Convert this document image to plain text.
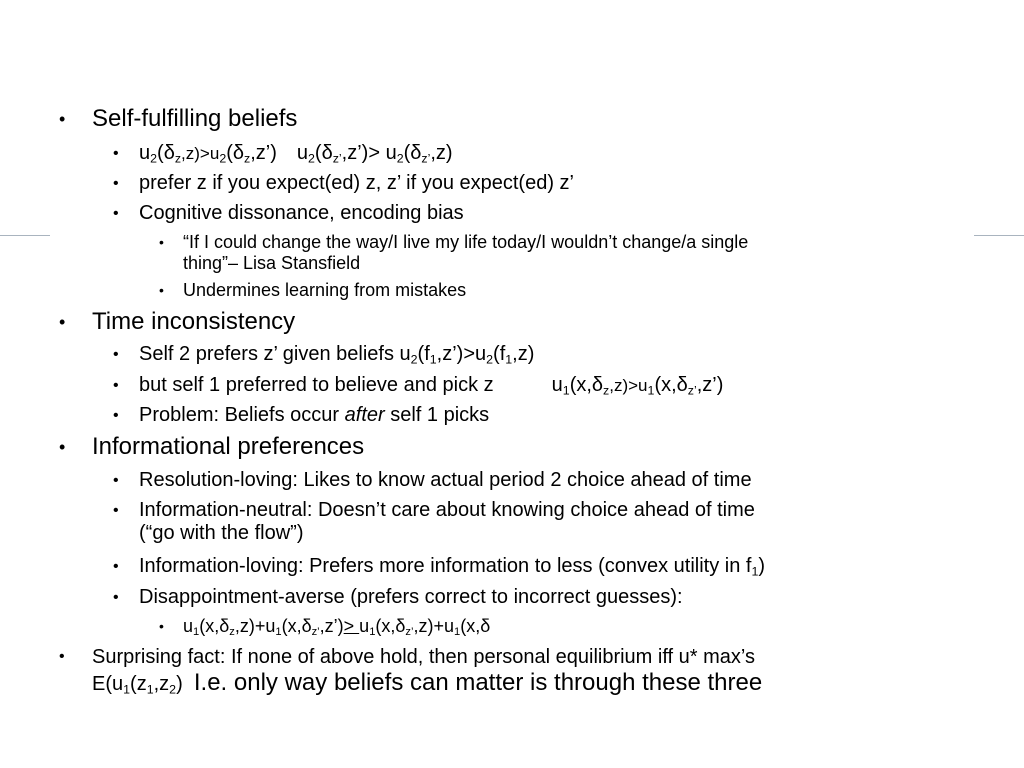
• Self-fulfilling beliefs
• $u_2(\delta_z,z)>u_2(\delta_z,z’)$ $u_2(\delta_{z’},z’)> u_2(\delta_{z’},z)$
• prefer z if you expect(ed) z, z’ if you expect(ed) z’
• Cognitive dissonance, encoding bias
• “If I could change the way/I live my life today/I wouldn’t change/a single
thing”– Lisa Stansfield
• Undermines learning from mistakes
• Time inconsistency
• Self 2 prefers z’ given beliefs $u_2(f_1,z’)>u_2(f_1,z)$
• but self 1 preferred to believe and pick z	$u_1(x,\delta_z,z)>u_1(x,\delta_{z’},z’)$
• Problem: Beliefs occur after self 1 picks
• Informational preferences
• Resolution-loving: Likes to know actual period 2 choice ahead of time
• Information-neutral: Doesn’t care about knowing choice ahead of time
(“go with the flow”)
• Information-loving: Prefers more information to less (convex utility in $f_1$)
• Disappointment-averse (prefers correct to incorrect guesses):
• $u_1(x,\delta_z,z)+u_1(x,\delta_{z’},z’)> u_1(x,\delta_{z’},z)+u_1(x,\delta$
• Surprising fact: If none of above hold, then personal equilibrium iff u* max’s
$E(u_1(z_1,z_2)$ I.e. only way beliefs can matter is through these three
